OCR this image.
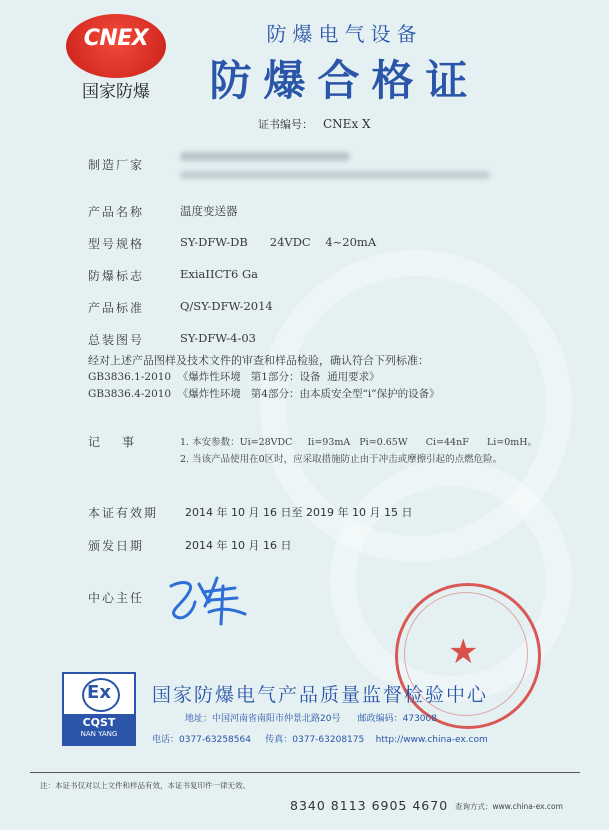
CNEX
国家防爆
防爆电气设备
防爆合格证
证书编号： CNEx X
制造厂家
产品名称	温度变送器
型号规格	SY-DFW-DB      24VDC    4~20mA
防爆标志	ExiaIICT6 Ga
产品标准	Q/SY-DFW-2014
总装图号	SY-DFW-4-03
经对上述产品图样及技术文件的审查和样品检验，确认符合下列标准：
GB3836.1-2010  《爆炸性环境   第1部分：设备  通用要求》
GB3836.4-2010  《爆炸性环境   第4部分：由本质安全型“i”保护的设备》
记事	1. 本安参数：Ui=28VDC     Ii=93mA   Pi=0.65W      Ci=44nF      Li=0mH。
2. 当该产品使用在0区时，应采取措施防止由于冲击或摩擦引起的点燃危险。
本证有效期 2014 年 10 月 16 日至 2019 年 10 月 15 日
颁发日期	2014 年 10 月 16 日
中心主任
★
Ex
CQST
NAN YANG
国家防爆电气产品质量监督检验中心
地址：中国河南省南阳市仲景北路20号      邮政编码：473008
电话：0377-63258564     传真：0377-63208175    http://www.china-ex.com
注：本证书仅对以上文件和样品有效，本证书复印件一律无效。
8340 8113 6905 4670 查询方式：www.china-ex.com
